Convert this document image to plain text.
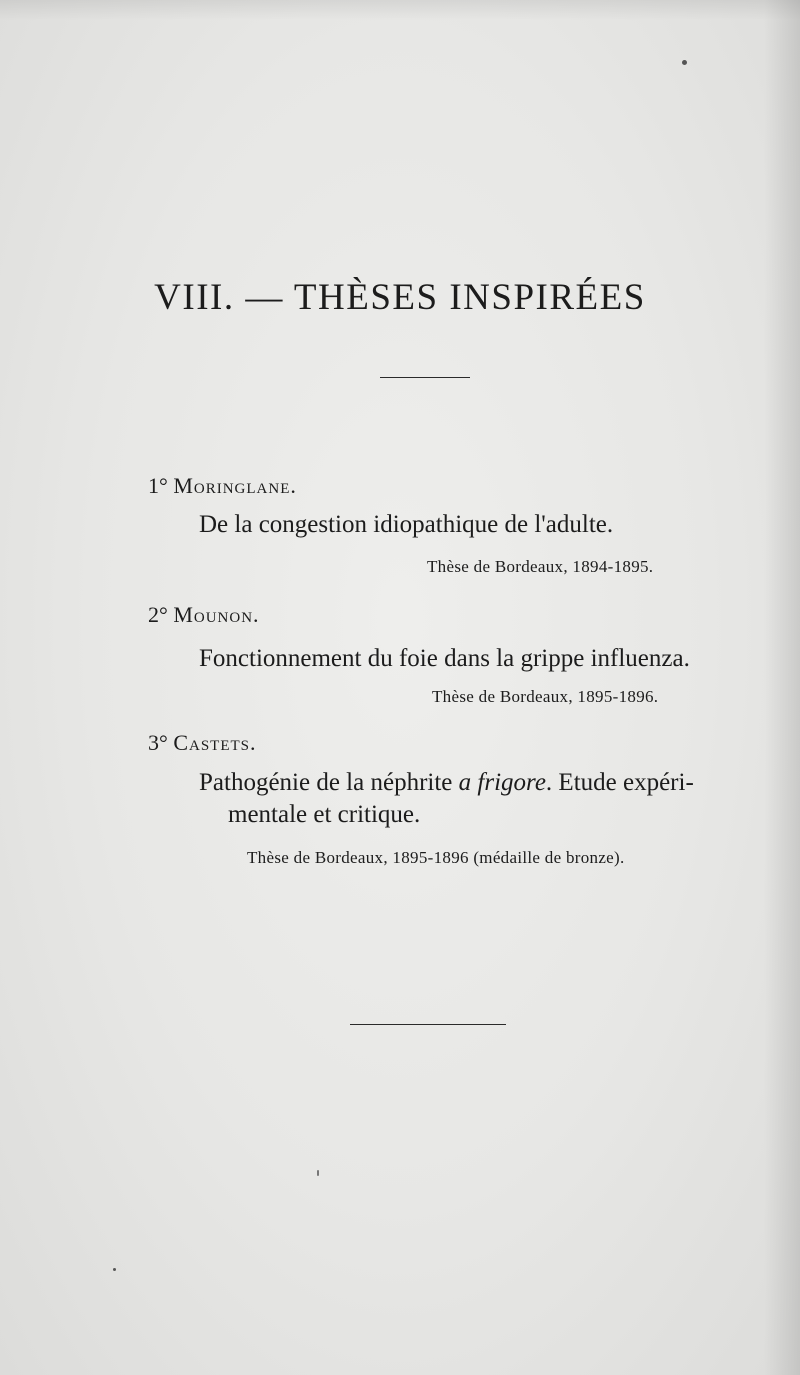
VIII. — THÈSES INSPIRÉES
1° Moringlane.
De la congestion idiopathique de l'adulte.
Thèse de Bordeaux, 1894-1895.
2° Mounon.
Fonctionnement du foie dans la grippe influenza.
Thèse de Bordeaux, 1895-1896.
3° Castets.
Pathogénie de la néphrite a frigore. Etude expéri-
mentale et critique.
Thèse de Bordeaux, 1895-1896 (médaille de bronze).
